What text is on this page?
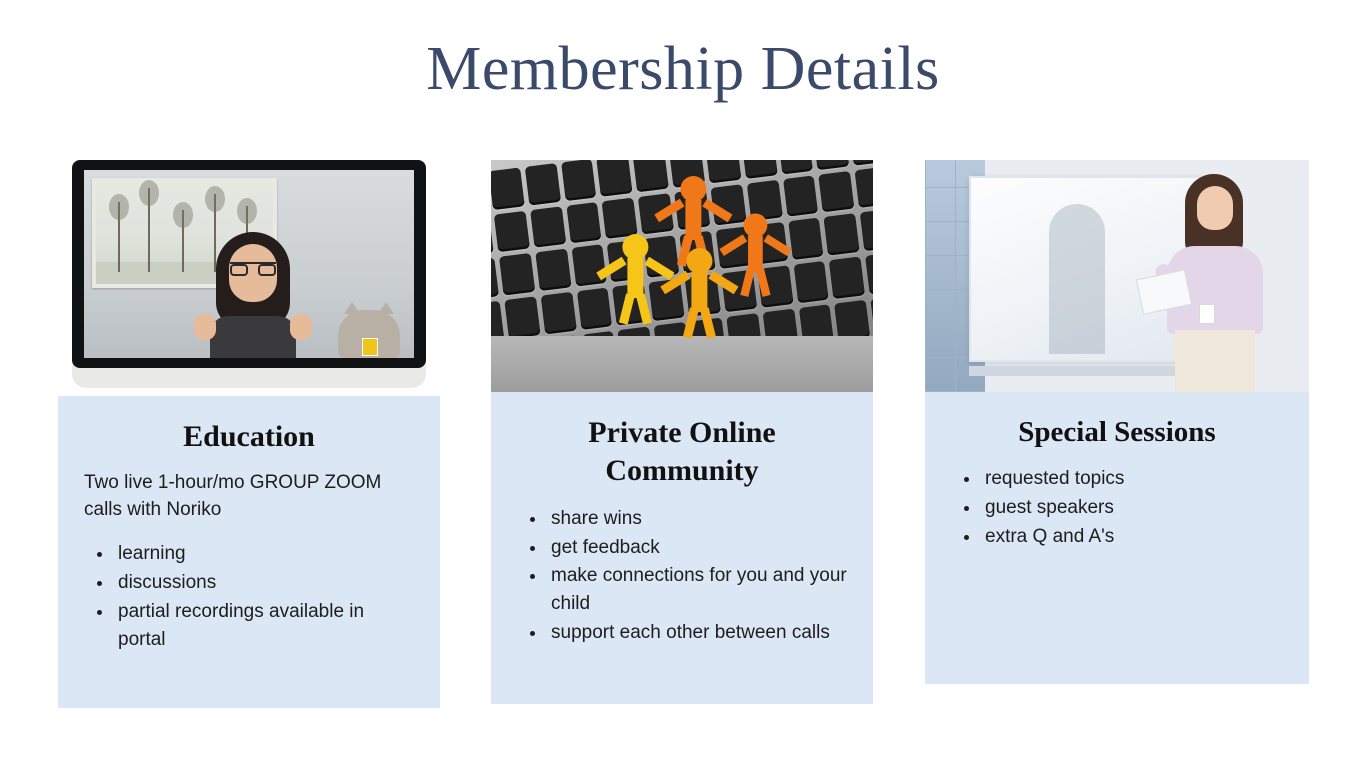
Membership Details
Education
Two live 1-hour/mo GROUP ZOOM calls with Noriko
• learning
• discussions
• partial recordings available in portal
Private Online Community
• share wins
• get feedback
• make connections for you and your child
• support each other between calls
Special Sessions
• requested topics
• guest speakers
• extra Q and A's
